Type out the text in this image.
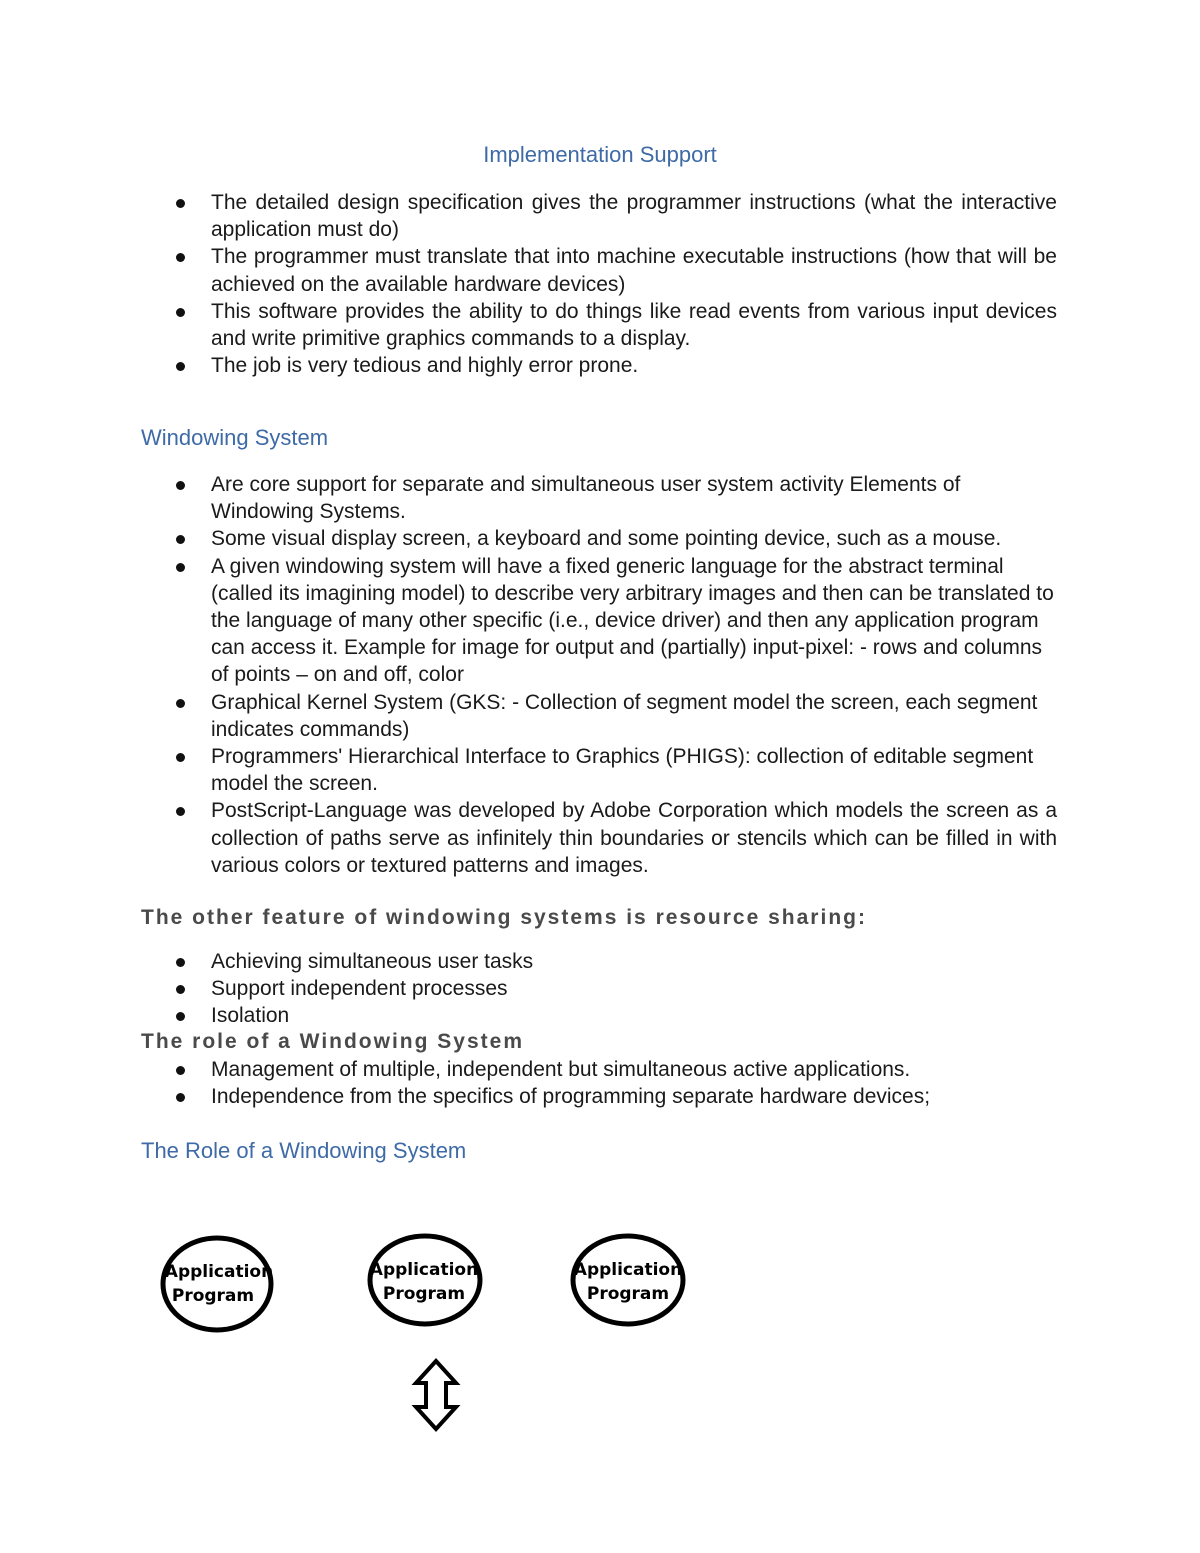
Implementation Support
The detailed design specification gives the programmer instructions (what the interactive application must do)
The programmer must translate that into machine executable instructions (how that will be achieved on the available hardware devices)
This software provides the ability to do things like read events from various input devices and write primitive graphics commands to a display.
The job is very tedious and highly error prone.
Windowing System
Are core support for separate and simultaneous user system activity Elements of Windowing Systems.
Some visual display screen, a keyboard and some pointing device, such as a mouse.
A given windowing system will have a fixed generic language for the abstract terminal (called its imagining model) to describe very arbitrary images and then can be translated to the language of many other specific (i.e., device driver) and then any application program can access it. Example for image for output and (partially) input-pixel: - rows and columns of points – on and off, color
Graphical Kernel System (GKS: - Collection of segment model the screen, each segment indicates commands)
Programmers' Hierarchical Interface to Graphics (PHIGS): collection of editable segment model the screen.
PostScript-Language was developed by Adobe Corporation which models the screen as a collection of paths serve as infinitely thin boundaries or stencils which can be filled in with various colors or textured patterns and images.
The other feature of windowing systems is resource sharing:
Achieving simultaneous user tasks
Support independent processes
Isolation
The role of a Windowing System
Management of multiple, independent but simultaneous active applications.
Independence from the specifics of programming separate hardware devices;
The Role of a Windowing System
Application
Program
Application
Program
Application
Program
